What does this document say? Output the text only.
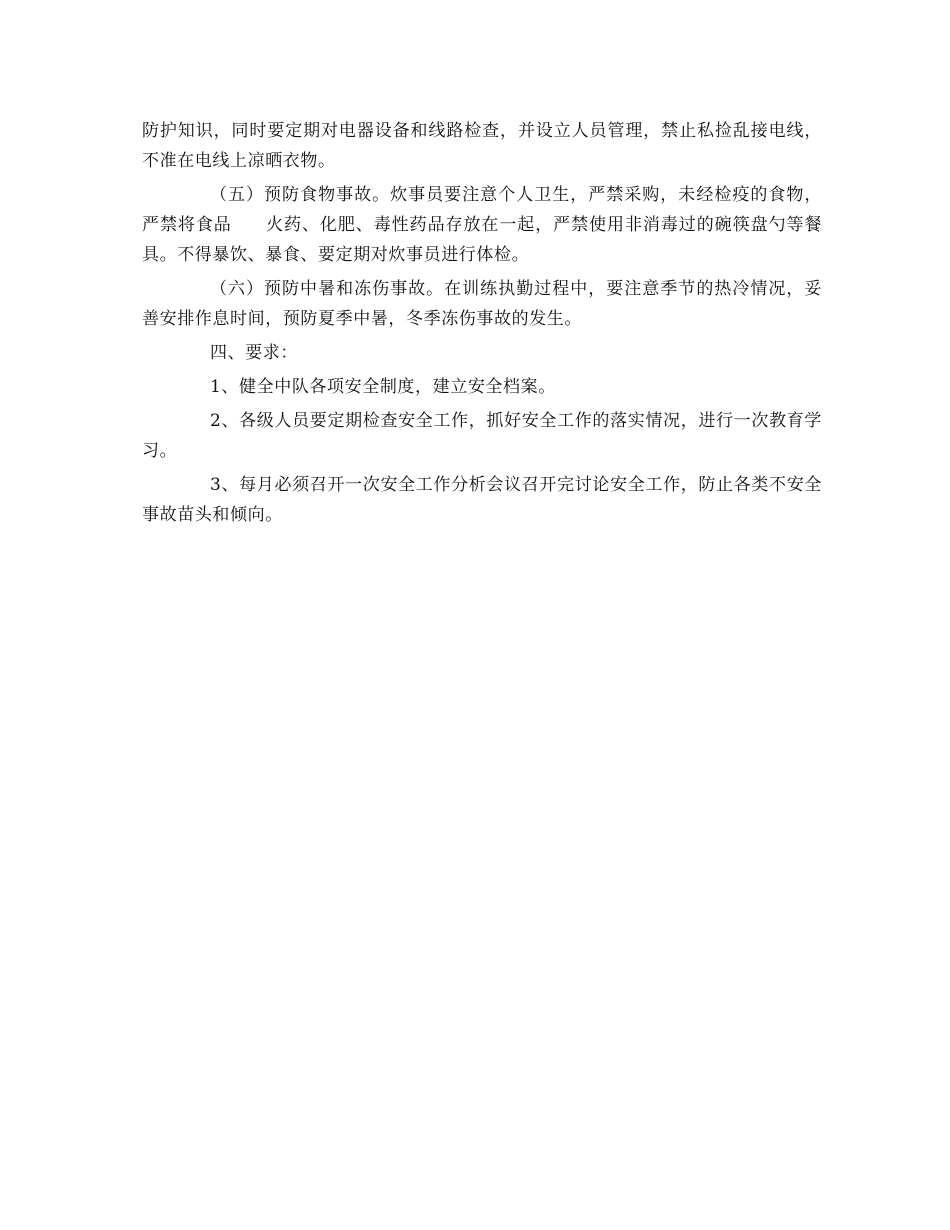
防护知识，同时要定期对电器设备和线路检查，并设立人员管理，禁止私捡乱接电线，不准在电线上凉晒衣物。

（五）预防食物事故。炊事员要注意个人卫生，严禁采购，未经检疫的食物，严禁将食品 火药、化肥、毒性药品存放在一起，严禁使用非消毒过的碗筷盘勺等餐具。不得暴饮、暴食、要定期对炊事员进行体检。

（六）预防中暑和冻伤事故。在训练执勤过程中，要注意季节的热冷情况，妥善安排作息时间，预防夏季中暑，冬季冻伤事故的发生。

四、要求：

1、健全中队各项安全制度，建立安全档案。

2、各级人员要定期检查安全工作，抓好安全工作的落实情况，进行一次教育学习。

3、每月必须召开一次安全工作分析会议召开完讨论安全工作，防止各类不安全事故苗头和倾向。
